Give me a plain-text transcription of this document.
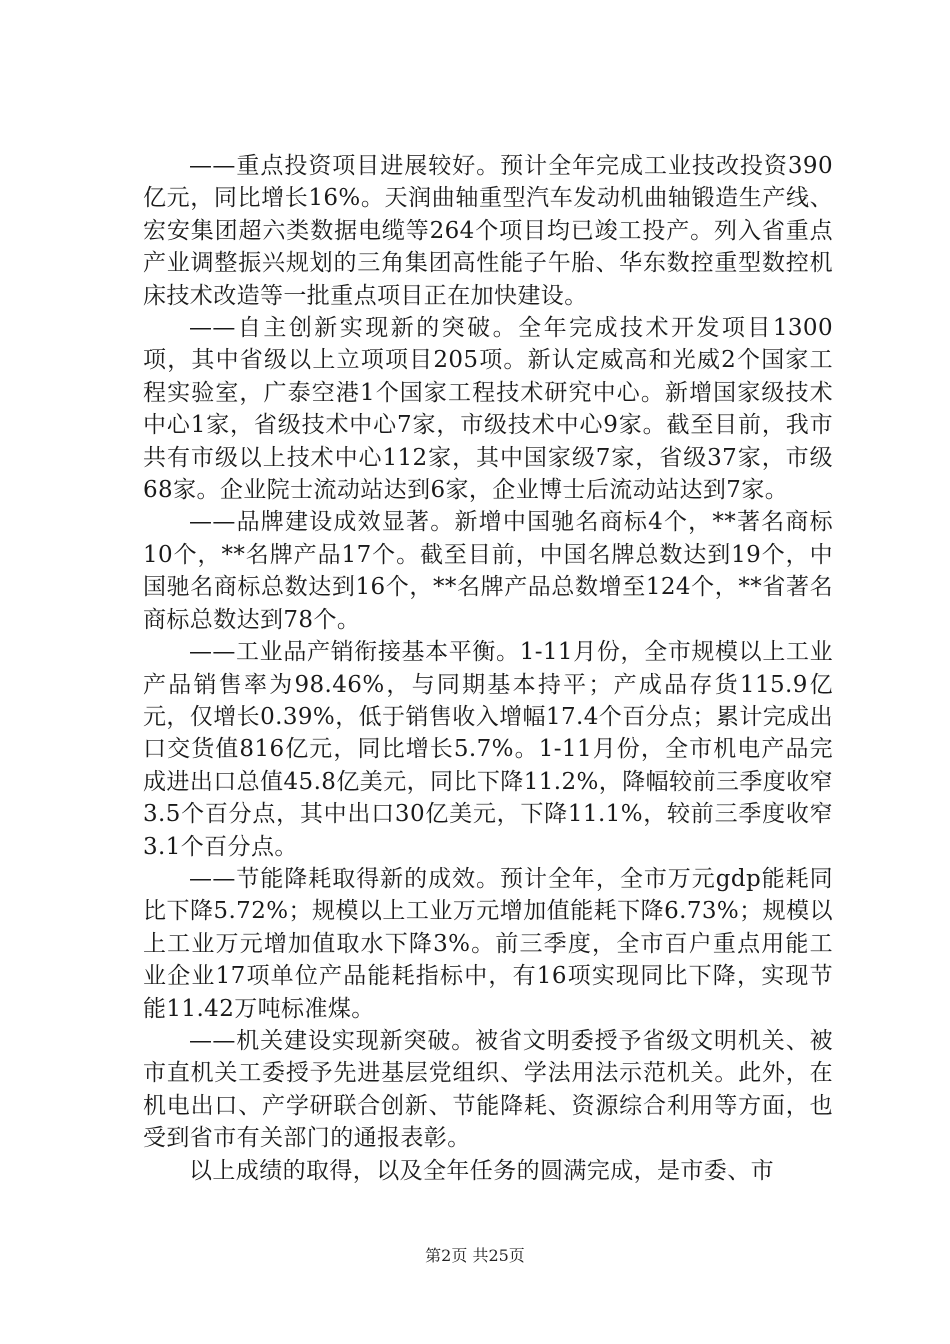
——重点投资项目进展较好。预计全年完成工业技改投资390亿元，同比增长16%。天润曲轴重型汽车发动机曲轴锻造生产线、宏安集团超六类数据电缆等264个项目均已竣工投产。列入省重点产业调整振兴规划的三角集团高性能子午胎、华东数控重型数控机床技术改造等一批重点项目正在加快建设。

——自主创新实现新的突破。全年完成技术开发项目1300项，其中省级以上立项项目205项。新认定威高和光威2个国家工程实验室，广泰空港1个国家工程技术研究中心。新增国家级技术中心1家，省级技术中心7家，市级技术中心9家。截至目前，我市共有市级以上技术中心112家，其中国家级7家，省级37家，市级68家。企业院士流动站达到6家，企业博士后流动站达到7家。

——品牌建设成效显著。新增中国驰名商标4个，**著名商标10个，**名牌产品17个。截至目前，中国名牌总数达到19个，中国驰名商标总数达到16个，**名牌产品总数增至124个，**省著名商标总数达到78个。

——工业品产销衔接基本平衡。1-11月份，全市规模以上工业产品销售率为98.46%，与同期基本持平；产成品存货115.9亿元，仅增长0.39%，低于销售收入增幅17.4个百分点；累计完成出口交货值816亿元，同比增长5.7%。1-11月份，全市机电产品完成进出口总值45.8亿美元，同比下降11.2%，降幅较前三季度收窄3.5个百分点，其中出口30亿美元，下降11.1%，较前三季度收窄3.1个百分点。

——节能降耗取得新的成效。预计全年，全市万元gdp能耗同比下降5.72%；规模以上工业万元增加值能耗下降6.73%；规模以上工业万元增加值取水下降3%。前三季度，全市百户重点用能工业企业17项单位产品能耗指标中，有16项实现同比下降，实现节能11.42万吨标准煤。

——机关建设实现新突破。被省文明委授予省级文明机关、被市直机关工委授予先进基层党组织、学法用法示范机关。此外，在机电出口、产学研联合创新、节能降耗、资源综合利用等方面，也受到省市有关部门的通报表彰。

以上成绩的取得，以及全年任务的圆满完成，是市委、市

第2页 共25页
